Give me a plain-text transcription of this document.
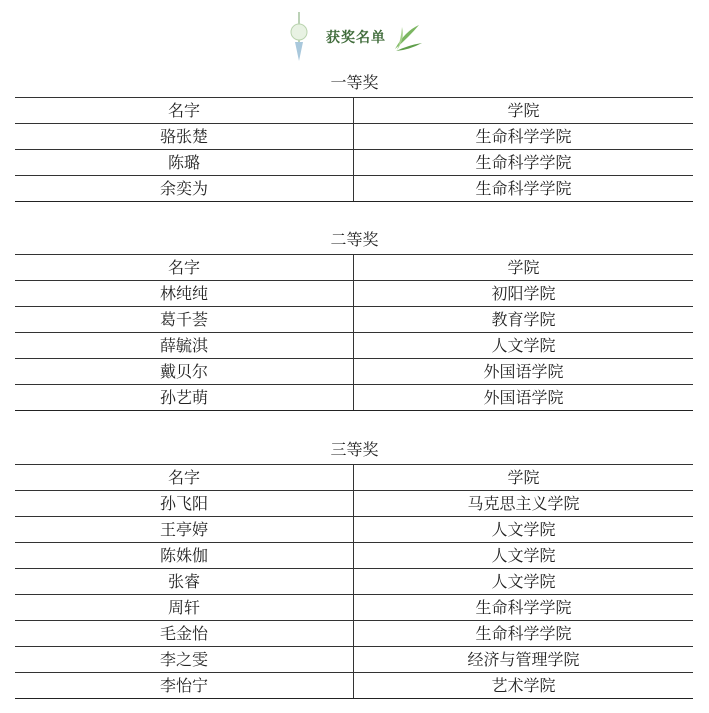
获奖名单
一等奖
名字	学院
骆张楚	生命科学学院
陈璐	生命科学学院
余奕为	生命科学学院
二等奖
名字	学院
林纯纯	初阳学院
葛千荟	教育学院
薛毓淇	人文学院
戴贝尔	外国语学院
孙艺萌	外国语学院
三等奖
名字	学院
孙飞阳	马克思主义学院
王亭婷	人文学院
陈姝伽	人文学院
张睿	人文学院
周轩	生命科学学院
毛金怡	生命科学学院
李之雯	经济与管理学院
李怡宁	艺术学院
